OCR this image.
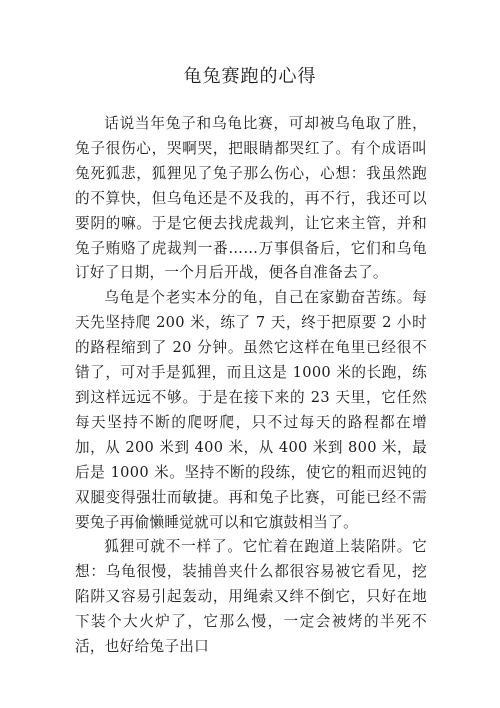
龟兔赛跑的心得

话说当年兔子和乌龟比赛，可却被乌龟取了胜，兔子很伤心，哭啊哭，把眼睛都哭红了。有个成语叫兔死狐悲，狐狸见了兔子那么伤心，心想：我虽然跑的不算快，但乌龟还是不及我的，再不行，我还可以要阴的嘛。于是它便去找虎裁判，让它来主管，并和兔子贿赂了虎裁判一番……万事俱备后，它们和乌龟订好了日期，一个月后开战，便各自准备去了。

乌龟是个老实本分的龟，自己在家勤奋苦练。每天先坚持爬 200 米，练了 7 天，终于把原要 2 小时的路程缩到了 20 分钟。虽然它这样在龟里已经很不错了，可对手是狐狸，而且这是 1000 米的长跑，练到这样远远不够。于是在接下来的 23 天里，它任然每天坚持不断的爬呀爬，只不过每天的路程都在增加，从 200 米到 400 米，从 400 米到 800 米，最后是 1000 米。坚持不断的段练，使它的粗而迟钝的双腿变得强壮而敏捷。再和兔子比赛，可能已经不需要兔子再偷懒睡觉就可以和它旗鼓相当了。

狐狸可就不一样了。它忙着在跑道上装陷阱。它想：乌龟很慢，装捕兽夹什么都很容易被它看见，挖陷阱又容易引起轰动，用绳索又绊不倒它，只好在地下装个大火炉了，它那么慢，一定会被烤的半死不活，也好给兔子出口
